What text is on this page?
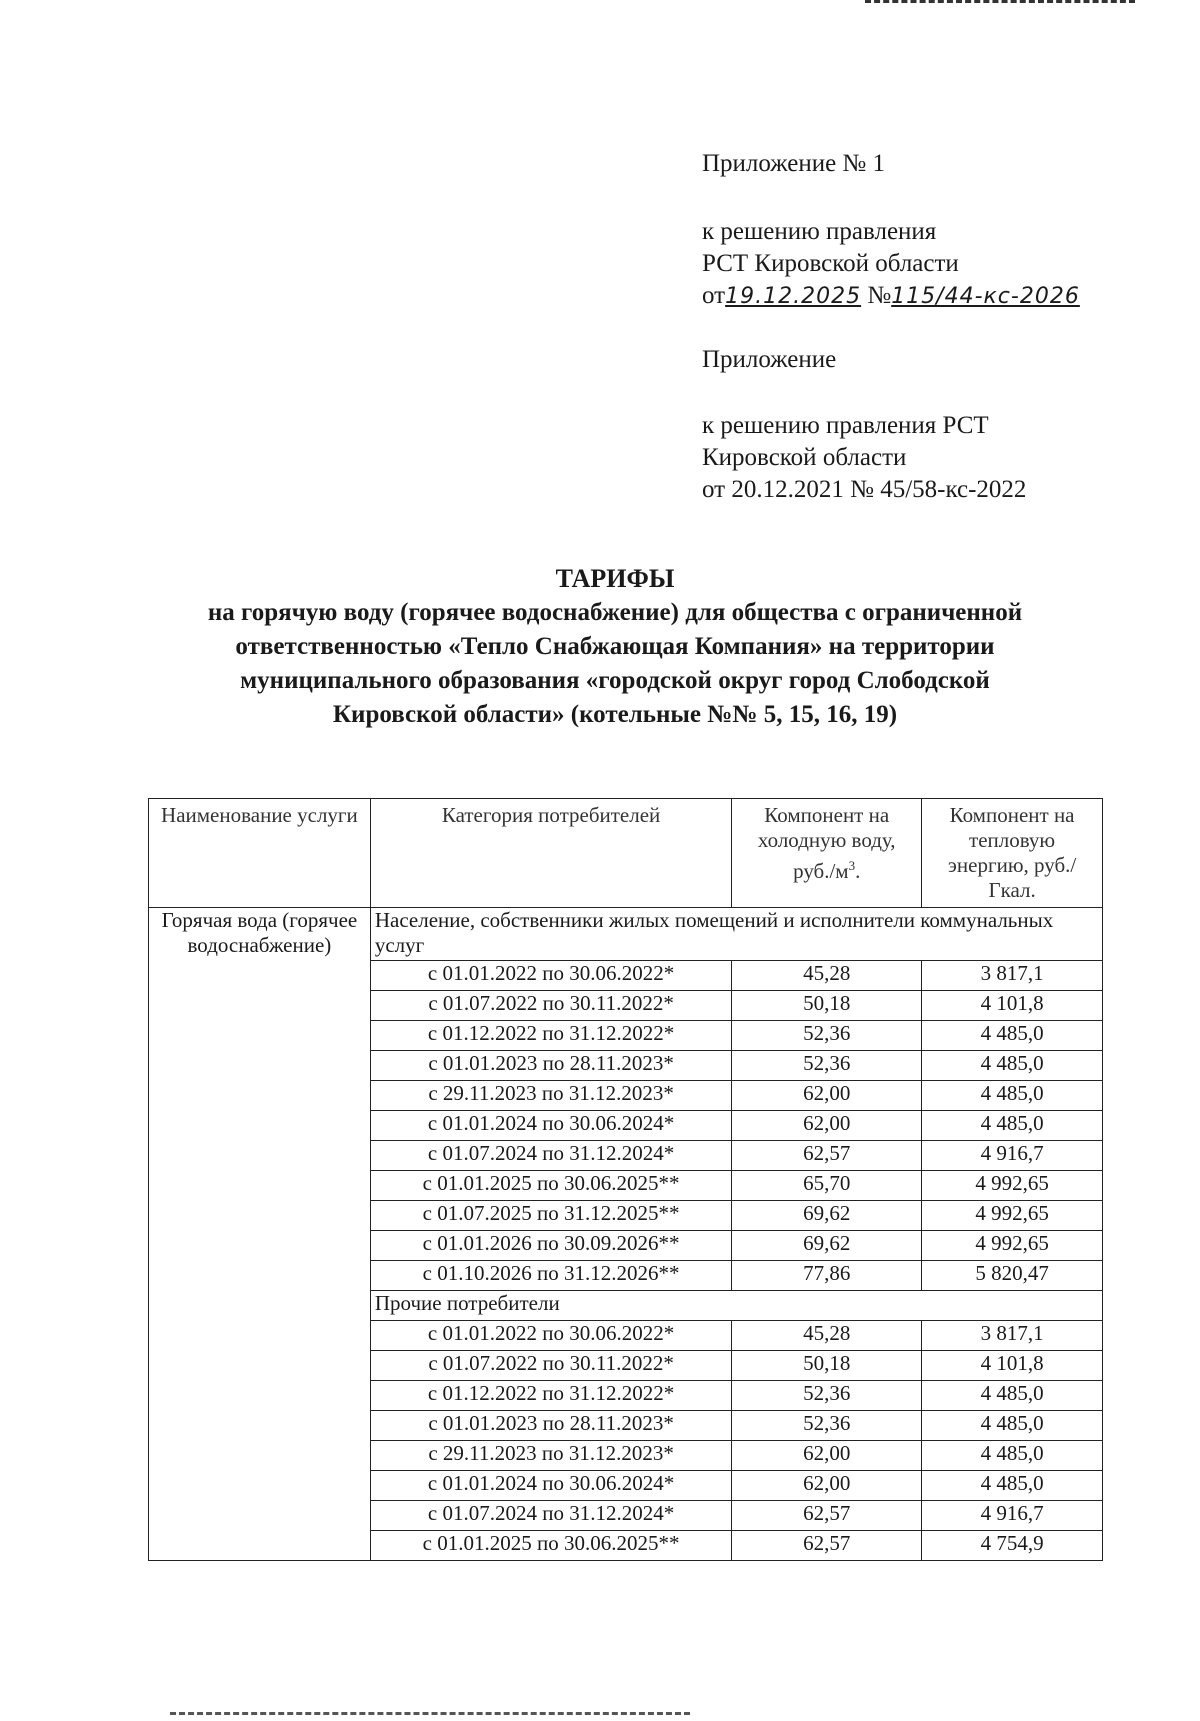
Приложение № 1

к решению правления

РСТ Кировской области

от19.12.2025 №115/44-кс-2026

Приложение

к решению правления РСТ

Кировской области

от 20.12.2021 № 45/58-кс-2022

ТАРИФЫ
на горячую воду (горячее водоснабжение) для общества с ограниченной
ответственностью «Тепло Снабжающая Компания» на территории
муниципального образования «городской округ город Слободской
Кировской области» (котельные №№ 5, 15, 16, 19)
Наименование услуги	Категория потребителей	Компонент на холодную воду, $руб./м^3$.	Компонент на тепловую энергию, руб./Гкал.
Горячая вода (горячее водоснабжение)	Население, собственники жилых помещений и исполнители коммунальных услуг		
	с 01.01.2022 по 30.06.2022*	45,28	3 817,1
	с 01.07.2022 по 30.11.2022*	50,18	4 101,8
	с 01.12.2022 по 31.12.2022*	52,36	4 485,0
	с 01.01.2023 по 28.11.2023*	52,36	4 485,0
	с 29.11.2023 по 31.12.2023*	62,00	4 485,0
	с 01.01.2024 по 30.06.2024*	62,00	4 485,0
	с 01.07.2024 по 31.12.2024*	62,57	4 916,7
	с 01.01.2025 по 30.06.2025**	65,70	4 992,65
	с 01.07.2025 по 31.12.2025**	69,62	4 992,65
	с 01.01.2026 по 30.09.2026**	69,62	4 992,65
	с 01.10.2026 по 31.12.2026**	77,86	5 820,47
	Прочие потребители		
	с 01.01.2022 по 30.06.2022*	45,28	3 817,1
	с 01.07.2022 по 30.11.2022*	50,18	4 101,8
	с 01.12.2022 по 31.12.2022*	52,36	4 485,0
	с 01.01.2023 по 28.11.2023*	52,36	4 485,0
	с 29.11.2023 по 31.12.2023*	62,00	4 485,0
	с 01.01.2024 по 30.06.2024*	62,00	4 485,0
	с 01.07.2024 по 31.12.2024*	62,57	4 916,7
	с 01.01.2025 по 30.06.2025**	62,57	4 754,9
